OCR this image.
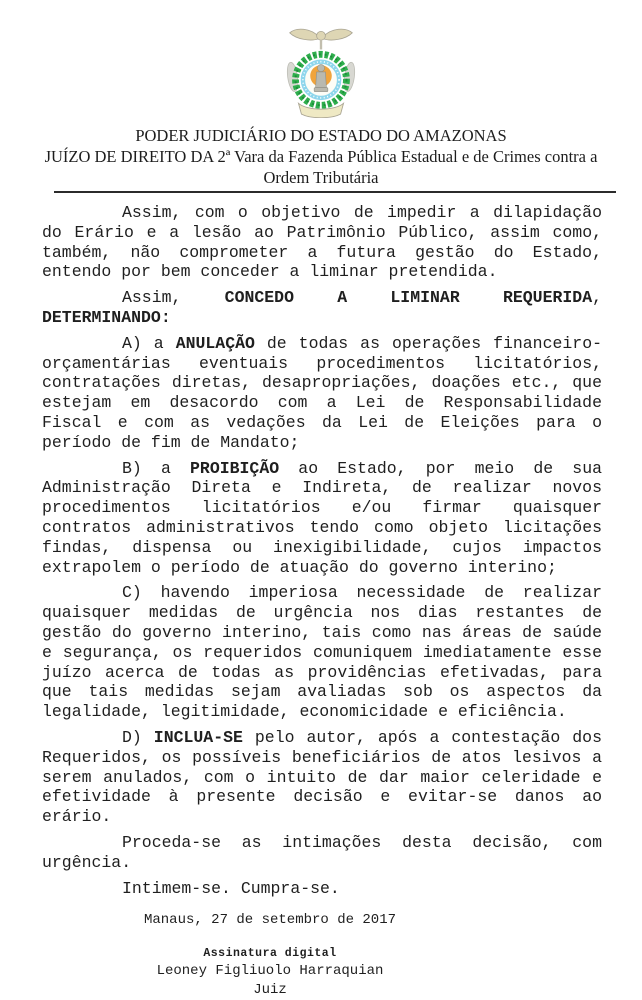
PODER JUDICIÁRIO DO ESTADO DO AMAZONAS
JUÍZO DE DIREITO DA 2ª Vara da Fazenda Pública Estadual e de Crimes contra a
Ordem Tributária

Assim, com o objetivo de impedir a dilapidação do Erário e a lesão ao Patrimônio Público, assim como, também, não comprometer a futura gestão do Estado, entendo por bem conceder a liminar pretendida.

Assim, CONCEDO A LIMINAR REQUERIDA, DETERMINANDO:

A) a ANULAÇÃO de todas as operações financeiro-orçamentárias eventuais procedimentos licitatórios, contratações diretas, desapropriações, doações etc., que estejam em desacordo com a Lei de Responsabilidade Fiscal e com as vedações da Lei de Eleições para o período de fim de Mandato;

B) a PROIBIÇÃO ao Estado, por meio de sua Administração Direta e Indireta, de realizar novos procedimentos licitatórios e/ou firmar quaisquer contratos administrativos tendo como objeto licitações findas, dispensa ou inexigibilidade, cujos impactos extrapolem o período de atuação do governo interino;

C) havendo imperiosa necessidade de realizar quaisquer medidas de urgência nos dias restantes de gestão do governo interino, tais como nas áreas de saúde e segurança, os requeridos comuniquem imediatamente esse juízo acerca de todas as providências efetivadas, para que tais medidas sejam avaliadas sob os aspectos da legalidade, legitimidade, economicidade e eficiência.

D) INCLUA-SE pelo autor, após a contestação dos Requeridos, os possíveis beneficiários de atos lesivos a serem anulados, com o intuito de dar maior celeridade e efetividade à presente decisão e evitar-se danos ao erário.

Proceda-se as intimações desta decisão, com urgência.

Intimem-se. Cumpra-se.

Manaus, 27 de setembro de 2017
Assinatura digital
Leoney Figliuolo Harraquian
Juiz
